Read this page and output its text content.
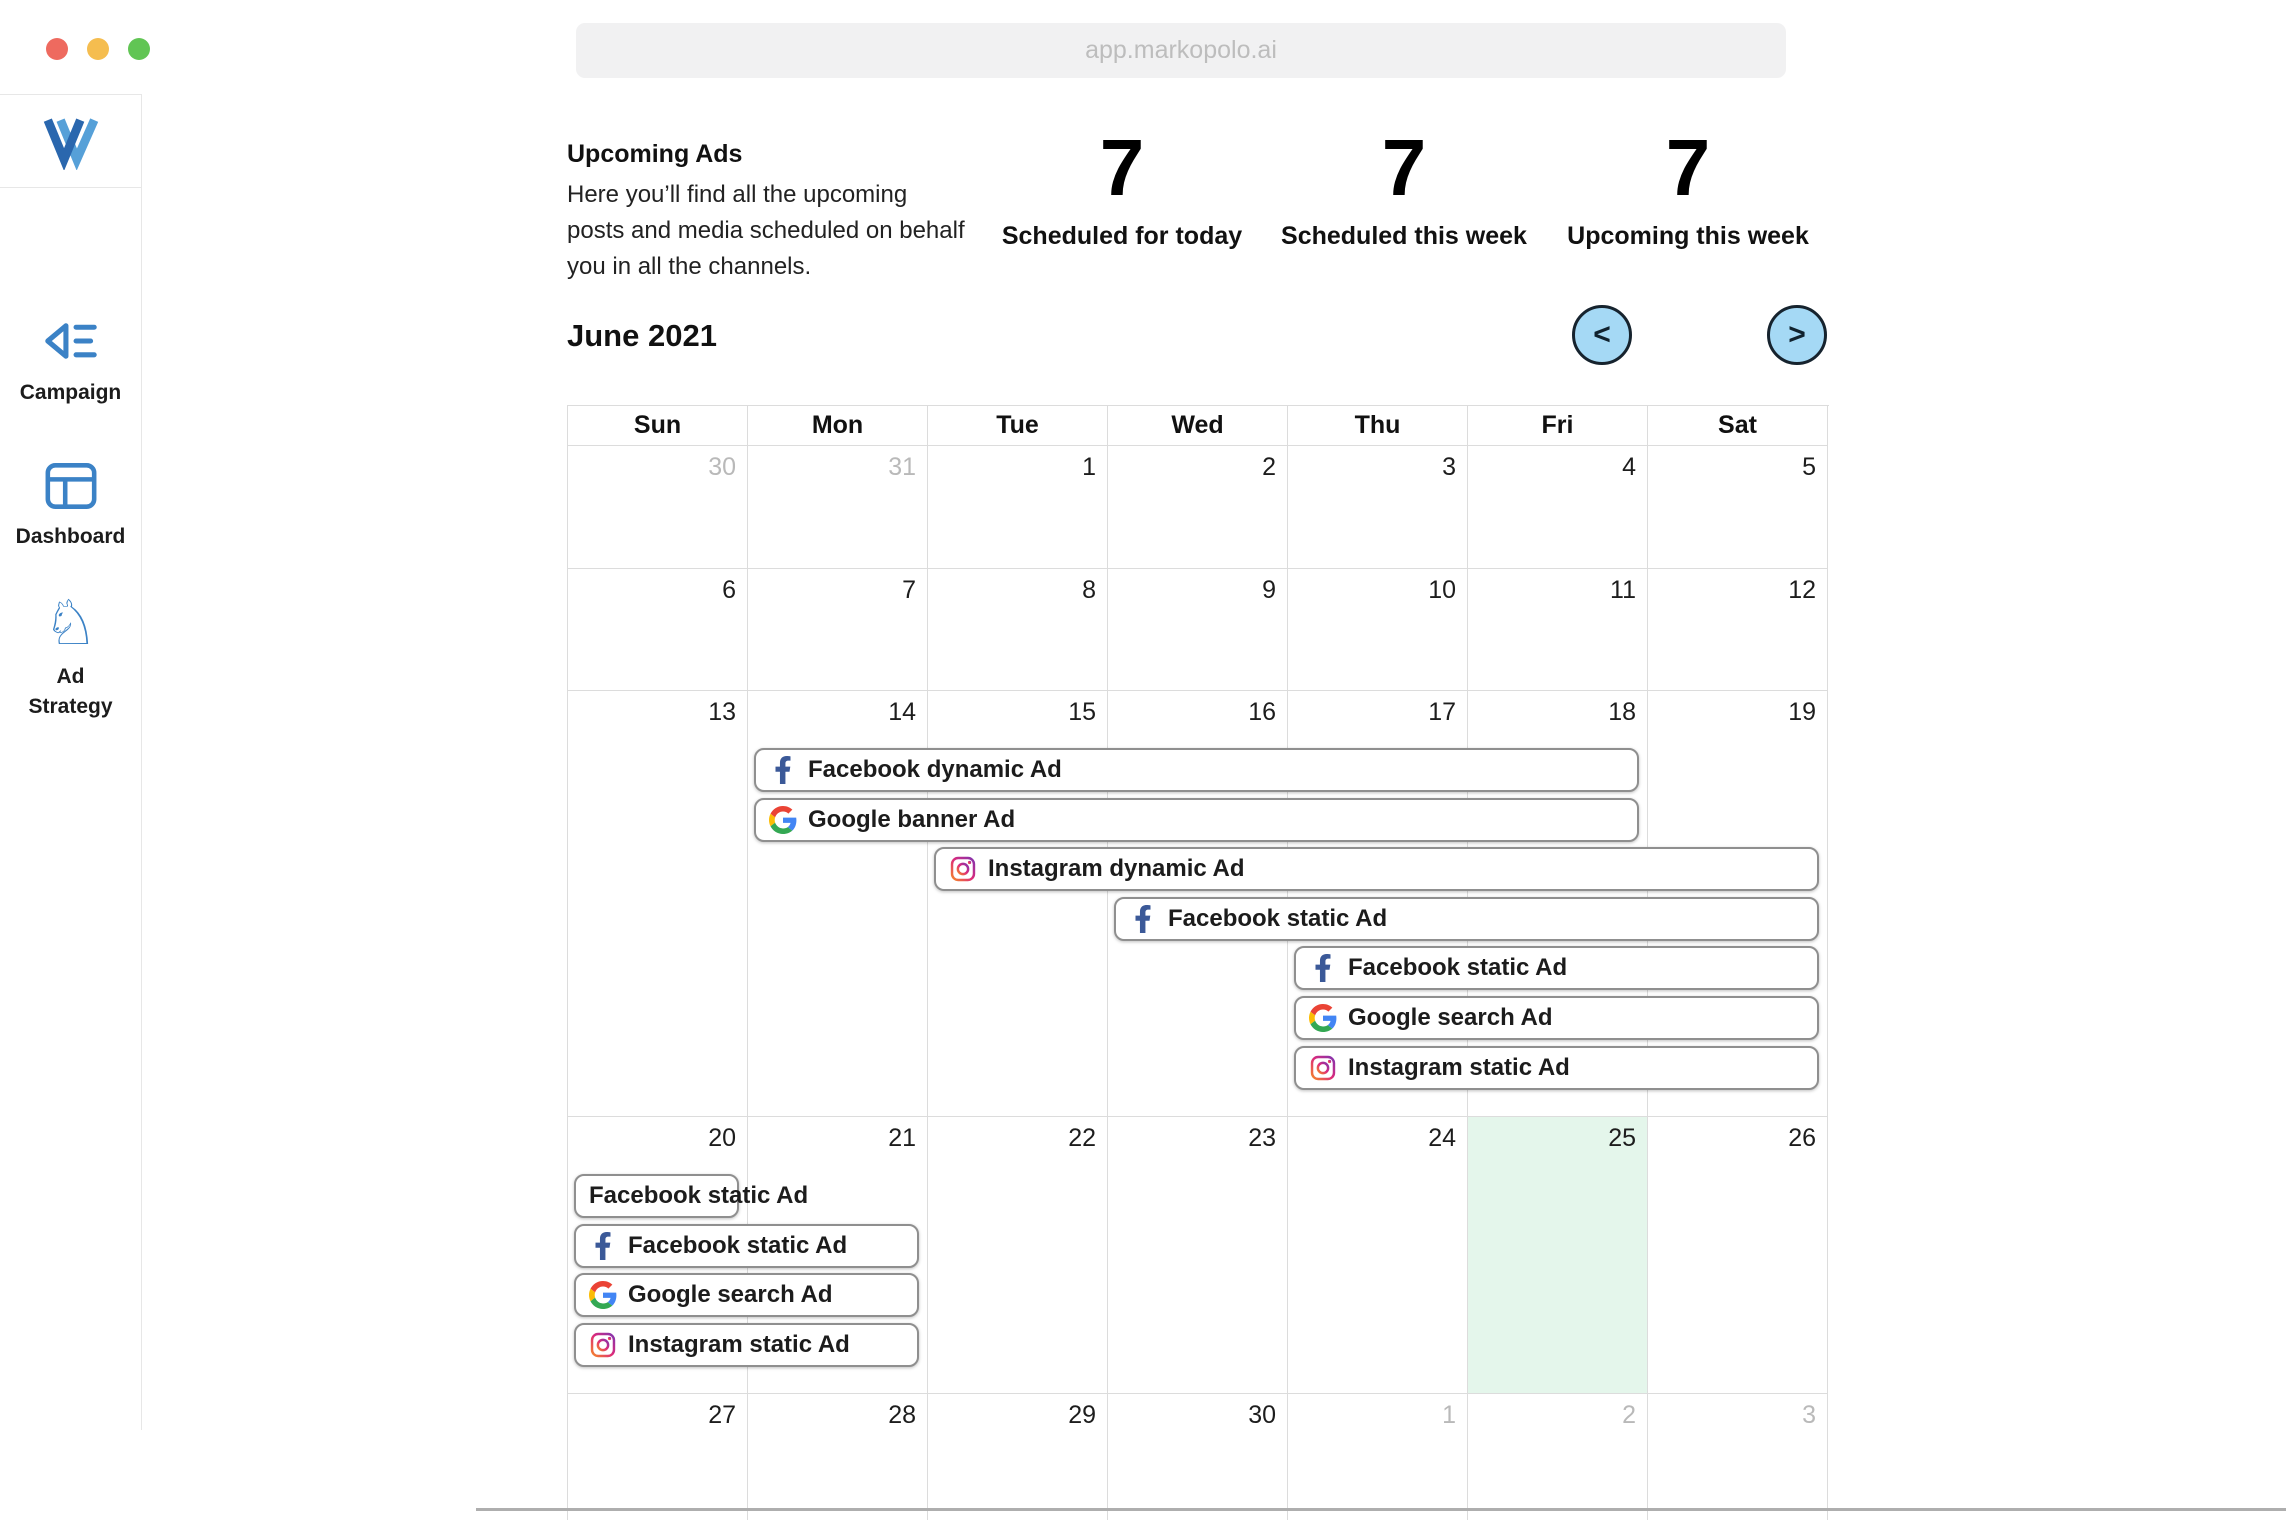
app.markopolo.ai
Campaign
Dashboard
♘
Ad Strategy
Upcoming Ads

Here you’ll find all the upcoming posts and media scheduled on behalf you in all the channels.

7
Scheduled for today
7
Scheduled this week
7
Upcoming this week
June 2021	<	>
Sun	Mon	Tue	Wed	Thu	Fri	Sat
30	31	1	2	3	4	5
6	7	8	9	10	11	12
13	14	15	16	17	18	19
20	21	22	23	24	25	26
27	28	29	30	1	2	3
Facebook dynamic Ad
Google banner Ad
Instagram dynamic Ad
Facebook static Ad
Facebook static Ad
Google search Ad
Instagram static Ad
Facebook static Ad
Facebook static Ad
Google search Ad
Instagram static Ad
